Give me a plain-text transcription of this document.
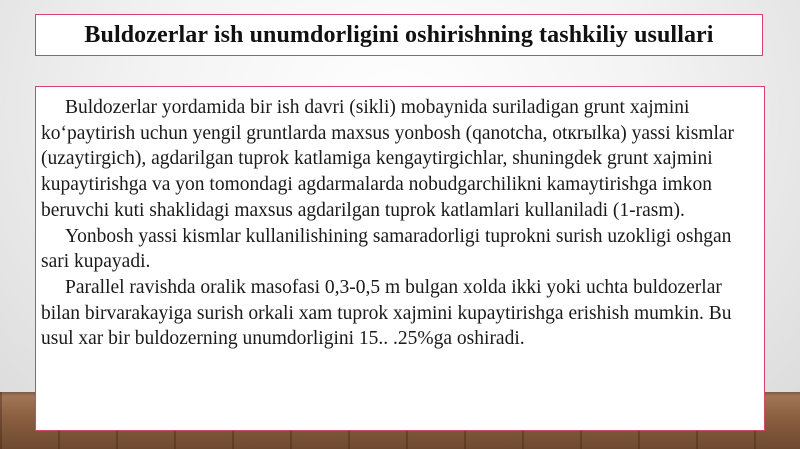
Buldozerlar ish unumdorligini oshirishning tashkiliy usullari

Buldozerlar yordamida bir ish davri (sikli) mobaynida suriladigan grunt xajmini ko‘paytirish uchun yengil gruntlarda maxsus yonbosh (qanotcha, otкrыlka) yassi kismlar (uzaytirgich), agdarilgan tuprok katlamiga kengaytirgichlar, shuningdek grunt xajmini kupaytirishga va yon tomondagi agdarmalarda nobudgarchilikni kamaytirishga imkon beruvchi kuti shaklidagi maxsus agdarilgan tuprok katlamlari kullaniladi (1-rasm).

Yonbosh yassi kismlar kullanilishining samaradorligi tuprokni surish uzokligi oshgan sari kupayadi.

Parallel ravishda oralik masofasi 0,3-0,5 m bulgan xolda ikki yoki uchta buldozerlar bilan birvarakayiga surish orkali xam tuprok xajmini kupaytirishga erishish mumkin. Bu usul xar bir buldozerning unumdorligini 15.. .25%ga oshiradi.
